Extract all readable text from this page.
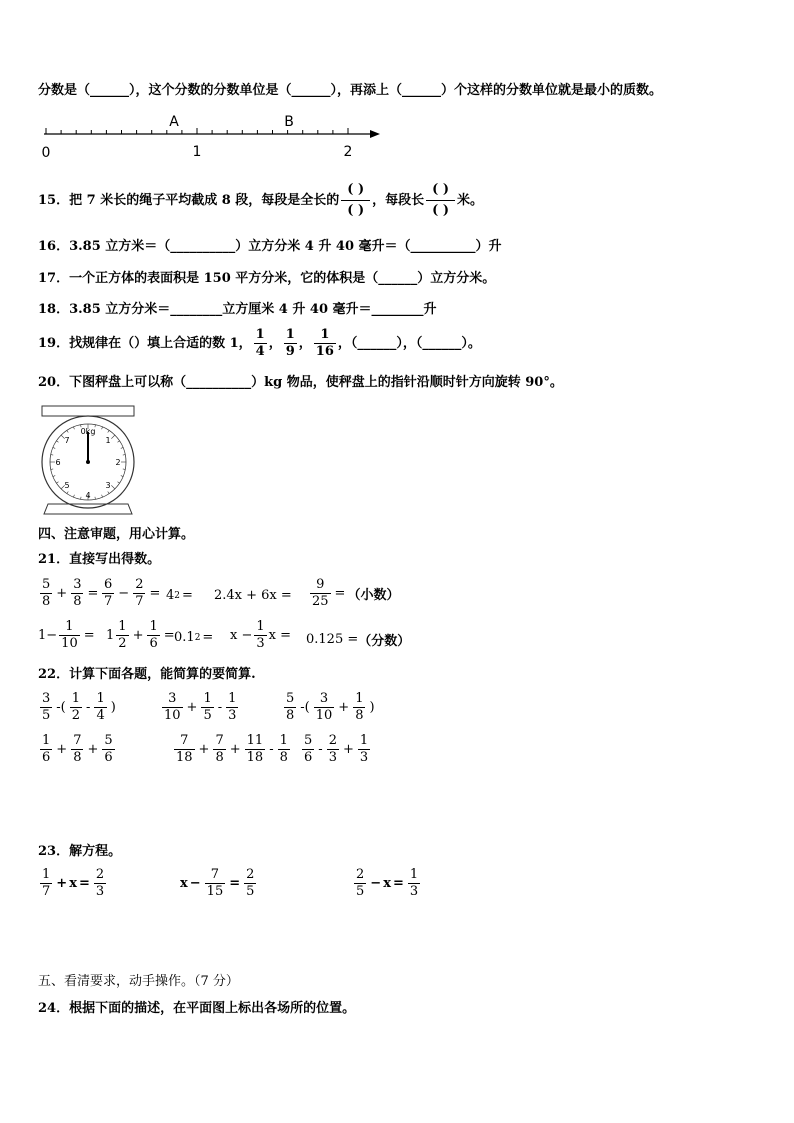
分数是（______），这个分数的分数单位是（______），再添上（______）个这样的分数单位就是最小的质数。
A	B
0	1	2
15．把 7 米长的绳子平均截成 8 段，每段是全长的 $\frac{( )}{( )}$ ，每段长 $\frac{( )}{( )}$ 米。
16．3.85 立方米＝（__________）立方分米 4 升 40 毫升＝（__________）升
17．一个正方体的表面积是 150 平方分米，它的体积是（______）立方分米。
18．3.85 立方分米＝________立方厘米 4 升 40 毫升＝________升
19．找规律在（）填上合适的数 1， $\frac{1}{4}$ ， $\frac{1}{9}$ ， $\frac{1}{16}$ ，（______），（______）。
20．下图秤盘上可以称（__________）kg 物品，使秤盘上的指针沿顺时针方向旋转 90°。
0kg
1
2
3
4
5
6
7
四、注意审题，用心计算。
21．直接写出得数。
$\frac{5}{8} + \frac{3}{8} = \frac{6}{7} - \frac{2}{7} = 4$ $2 = 2.4x + 6x = \frac{9}{25}$ = （小数）
$1- \frac{1}{10} = 1 \frac{1}{2} + \frac{1}{6} = 0.1$ $2 = x - \frac{1}{3}$ x = 0.125 = （分数）
22．计算下面各题，能简算的要简算.
$\frac{3}{5}$ -( $\frac{1}{2} - \frac{1}{4}$ )	$\frac{3}{10} + \frac{1}{5} - \frac{1}{3}$	$\frac{5}{8}$ -( $\frac{3}{10} + \frac{1}{8}$ )
$\frac{1}{6} + \frac{7}{8} + \frac{5}{6}$	$\frac{7}{18} + \frac{7}{8} + \frac{11}{18} - \frac{1}{8} \frac{5}{6} - \frac{2}{3} + \frac{1}{3}$
23．解方程。
$\frac{1}{7} + x = \frac{2}{3}$	$x - \frac{7}{15} = \frac{2}{5}$	$\frac{2}{5} - x = \frac{1}{3}$
五、看清要求，动手操作。（7 分）
24．根据下面的描述，在平面图上标出各场所的位置。
